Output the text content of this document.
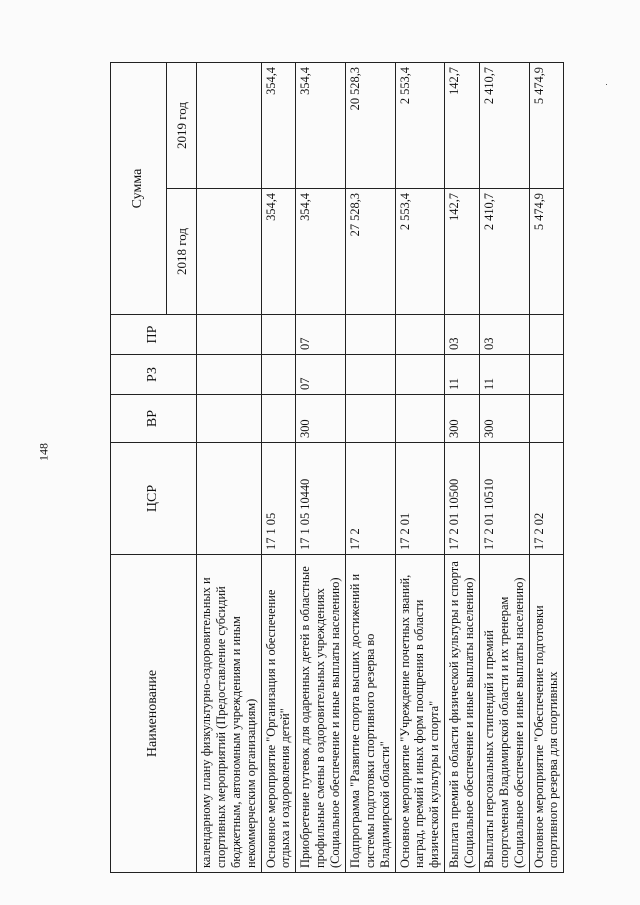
148
Наименование	ЦСР	ВР	РЗ	ПР	Сумма	
					2018 год	2019 год
календарному плану физкультурно-оздоровительных и спортивных мероприятий (Предоставление субсидий бюджетным, автономным учреждениям и иным некоммерческим организациям)						
Основное мероприятие "Организация и обеспечение отдыха и оздоровления детей"	17 1 05				354,4	354,4
Приобретение путевок для одаренных детей в областные профильные смены в оздоровительных учреждениях (Социальное обеспечение и иные выплаты населению)	17 1 05 10440	300	07	07	354,4	354,4
Подпрограмма "Развитие спорта высших достижений и системы подготовки спортивного резерва во Владимирской области"	17 2				27 528,3	20 528,3
Основное мероприятие "Учреждение почетных званий, наград, премий и иных форм поощрения в области физической культуры и спорта"	17 2 01				2 553,4	2 553,4
Выплата премий в области физической культуры и спорта (Социальное обеспечение и иные выплаты населению)	17 2 01 10500	300	11	03	142,7	142,7
Выплаты персональных стипендий и премий спортсменам Владимирской области и их тренерам (Социальное обеспечение и иные выплаты населению)	17 2 01 10510	300	11	03	2 410,7	2 410,7
Основное мероприятие "Обеспечение подготовки спортивного резерва для спортивных	17 2 02				5 474,9	5 474,9
